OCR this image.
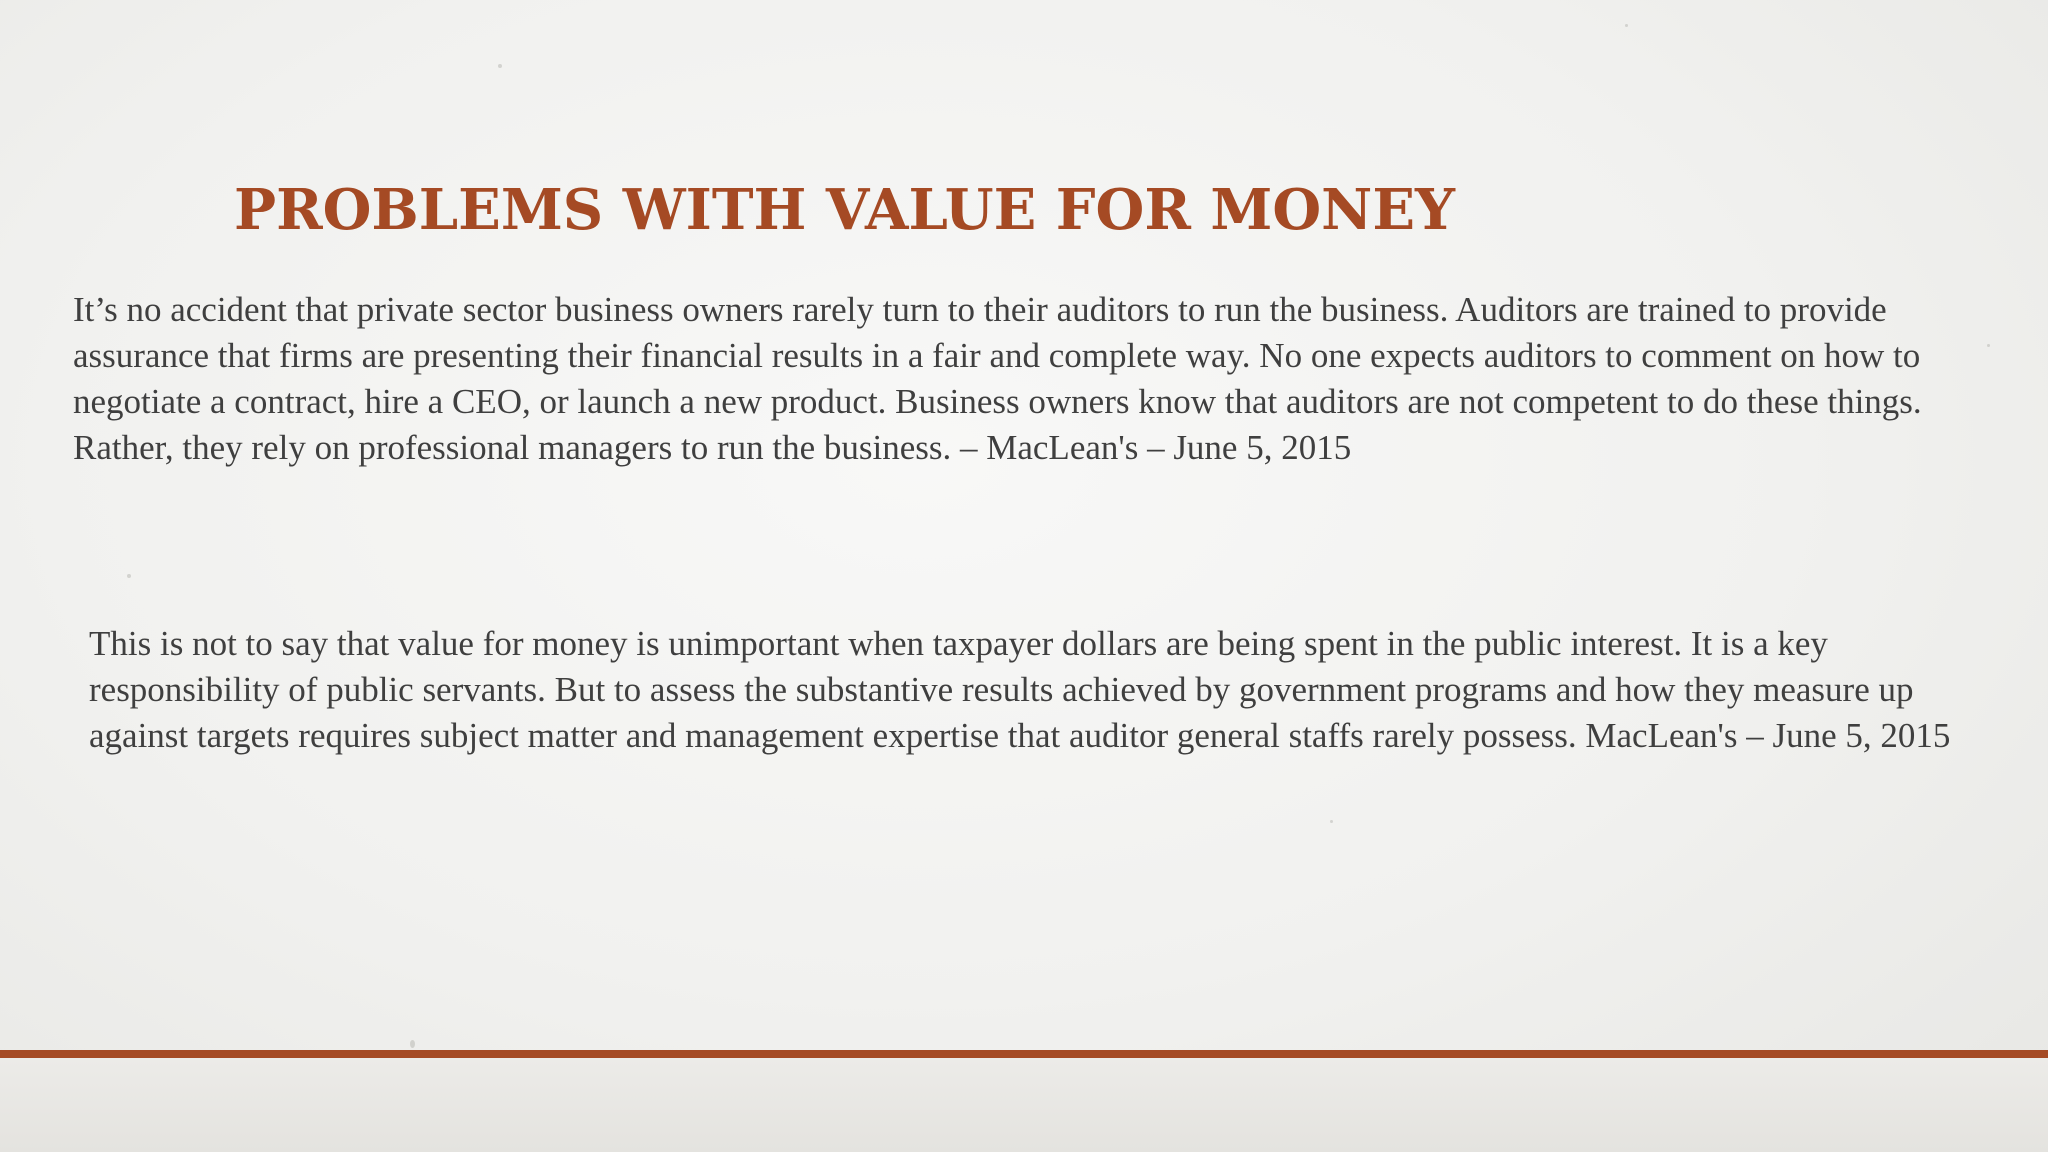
PROBLEMS WITH VALUE FOR MONEY

It’s no accident that private sector business owners rarely turn to their auditors to run the business. Auditors are trained to provide assurance that firms are presenting their financial results in a fair and complete way. No one expects auditors to comment on how to negotiate a contract, hire a CEO, or launch a new product. Business owners know that auditors are not competent to do these things. Rather, they rely on professional managers to run the business. – MacLean's – June 5, 2015

This is not to say that value for money is unimportant when taxpayer dollars are being spent in the public interest. It is a key responsibility of public servants. But to assess the substantive results achieved by government programs and how they measure up against targets requires subject matter and management expertise that auditor general staffs rarely possess. MacLean's – June 5, 2015
